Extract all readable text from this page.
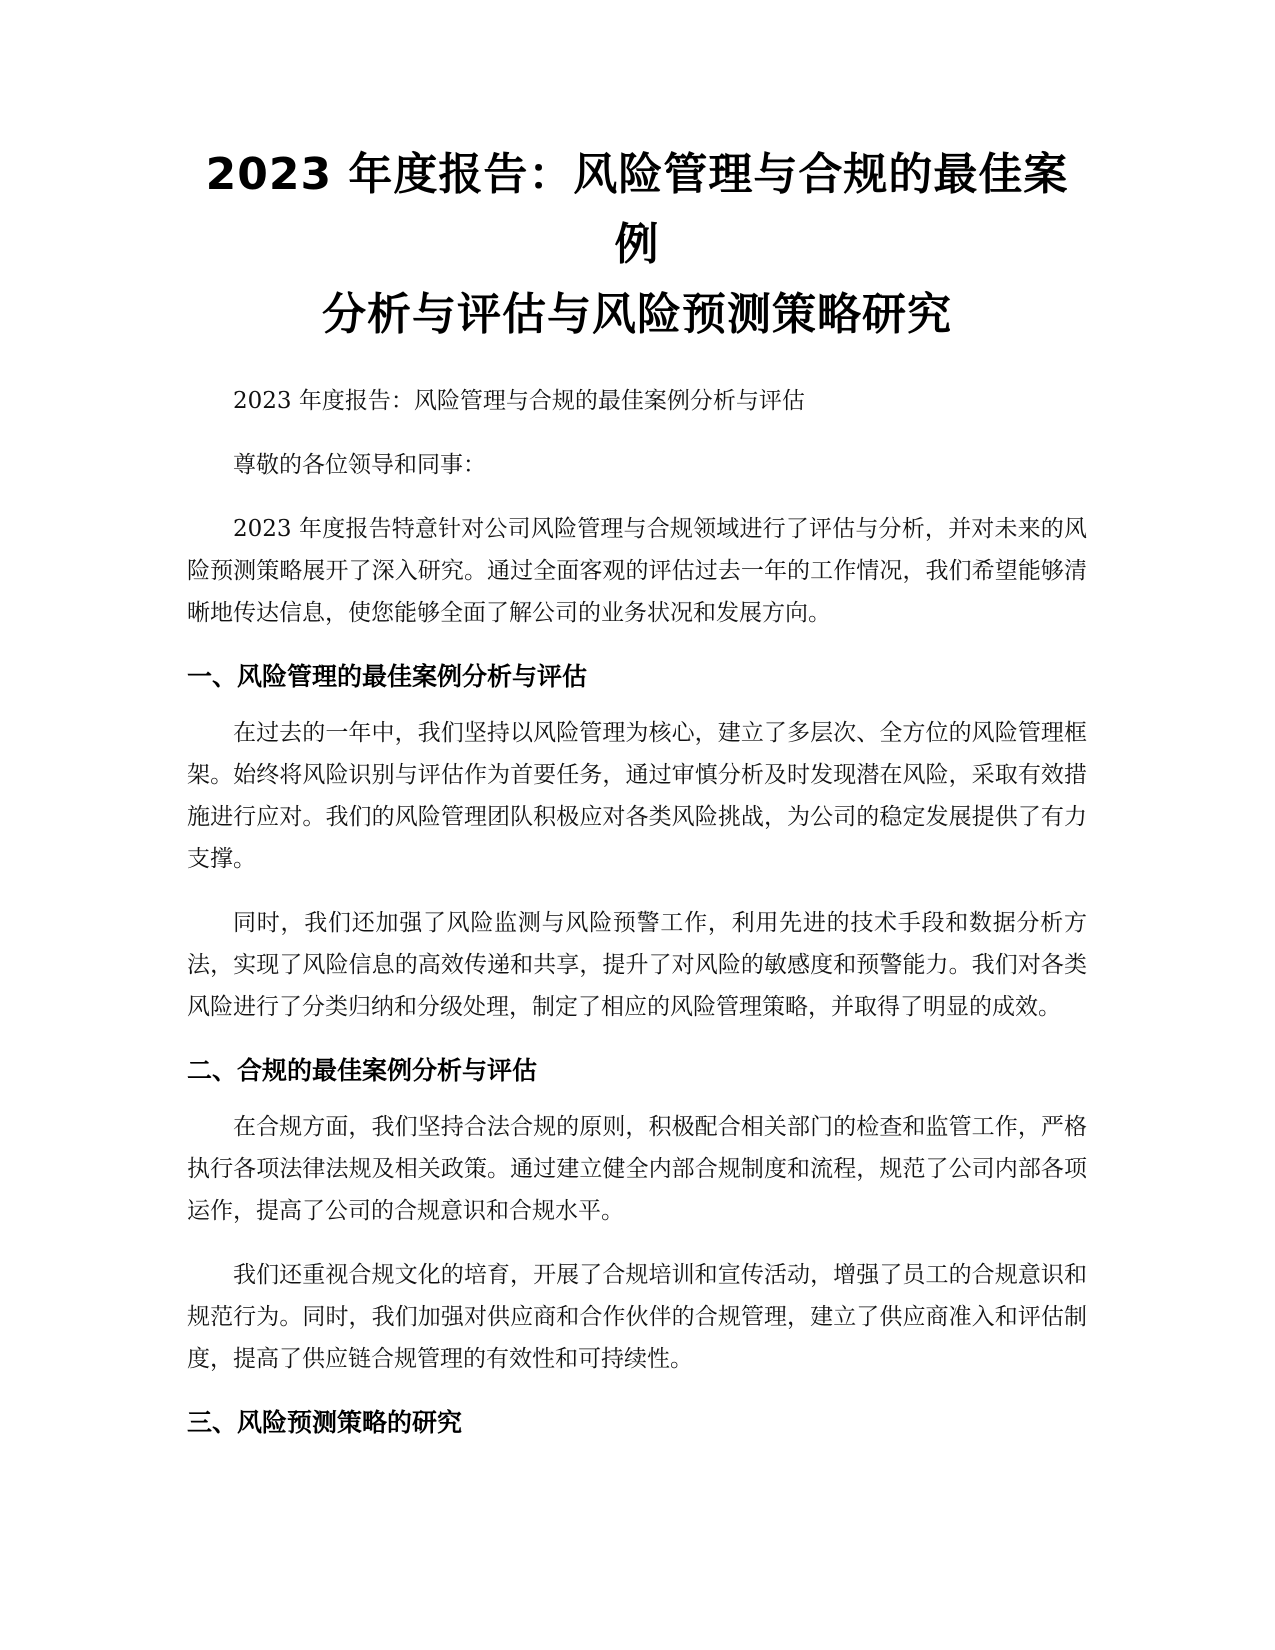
2023 年度报告：风险管理与合规的最佳案例
分析与评估与风险预测策略研究

2023 年度报告：风险管理与合规的最佳案例分析与评估

尊敬的各位领导和同事：

2023 年度报告特意针对公司风险管理与合规领域进行了评估与分析，并对未来的风险预测策略展开了深入研究。通过全面客观的评估过去一年的工作情况，我们希望能够清晰地传达信息，使您能够全面了解公司的业务状况和发展方向。

一、风险管理的最佳案例分析与评估

在过去的一年中，我们坚持以风险管理为核心，建立了多层次、全方位的风险管理框架。始终将风险识别与评估作为首要任务，通过审慎分析及时发现潜在风险，采取有效措施进行应对。我们的风险管理团队积极应对各类风险挑战，为公司的稳定发展提供了有力支撑。

同时，我们还加强了风险监测与风险预警工作，利用先进的技术手段和数据分析方法，实现了风险信息的高效传递和共享，提升了对风险的敏感度和预警能力。我们对各类风险进行了分类归纳和分级处理，制定了相应的风险管理策略，并取得了明显的成效。

二、合规的最佳案例分析与评估

在合规方面，我们坚持合法合规的原则，积极配合相关部门的检查和监管工作，严格执行各项法律法规及相关政策。通过建立健全内部合规制度和流程，规范了公司内部各项运作，提高了公司的合规意识和合规水平。

我们还重视合规文化的培育，开展了合规培训和宣传活动，增强了员工的合规意识和规范行为。同时，我们加强对供应商和合作伙伴的合规管理，建立了供应商准入和评估制度，提高了供应链合规管理的有效性和可持续性。

三、风险预测策略的研究
